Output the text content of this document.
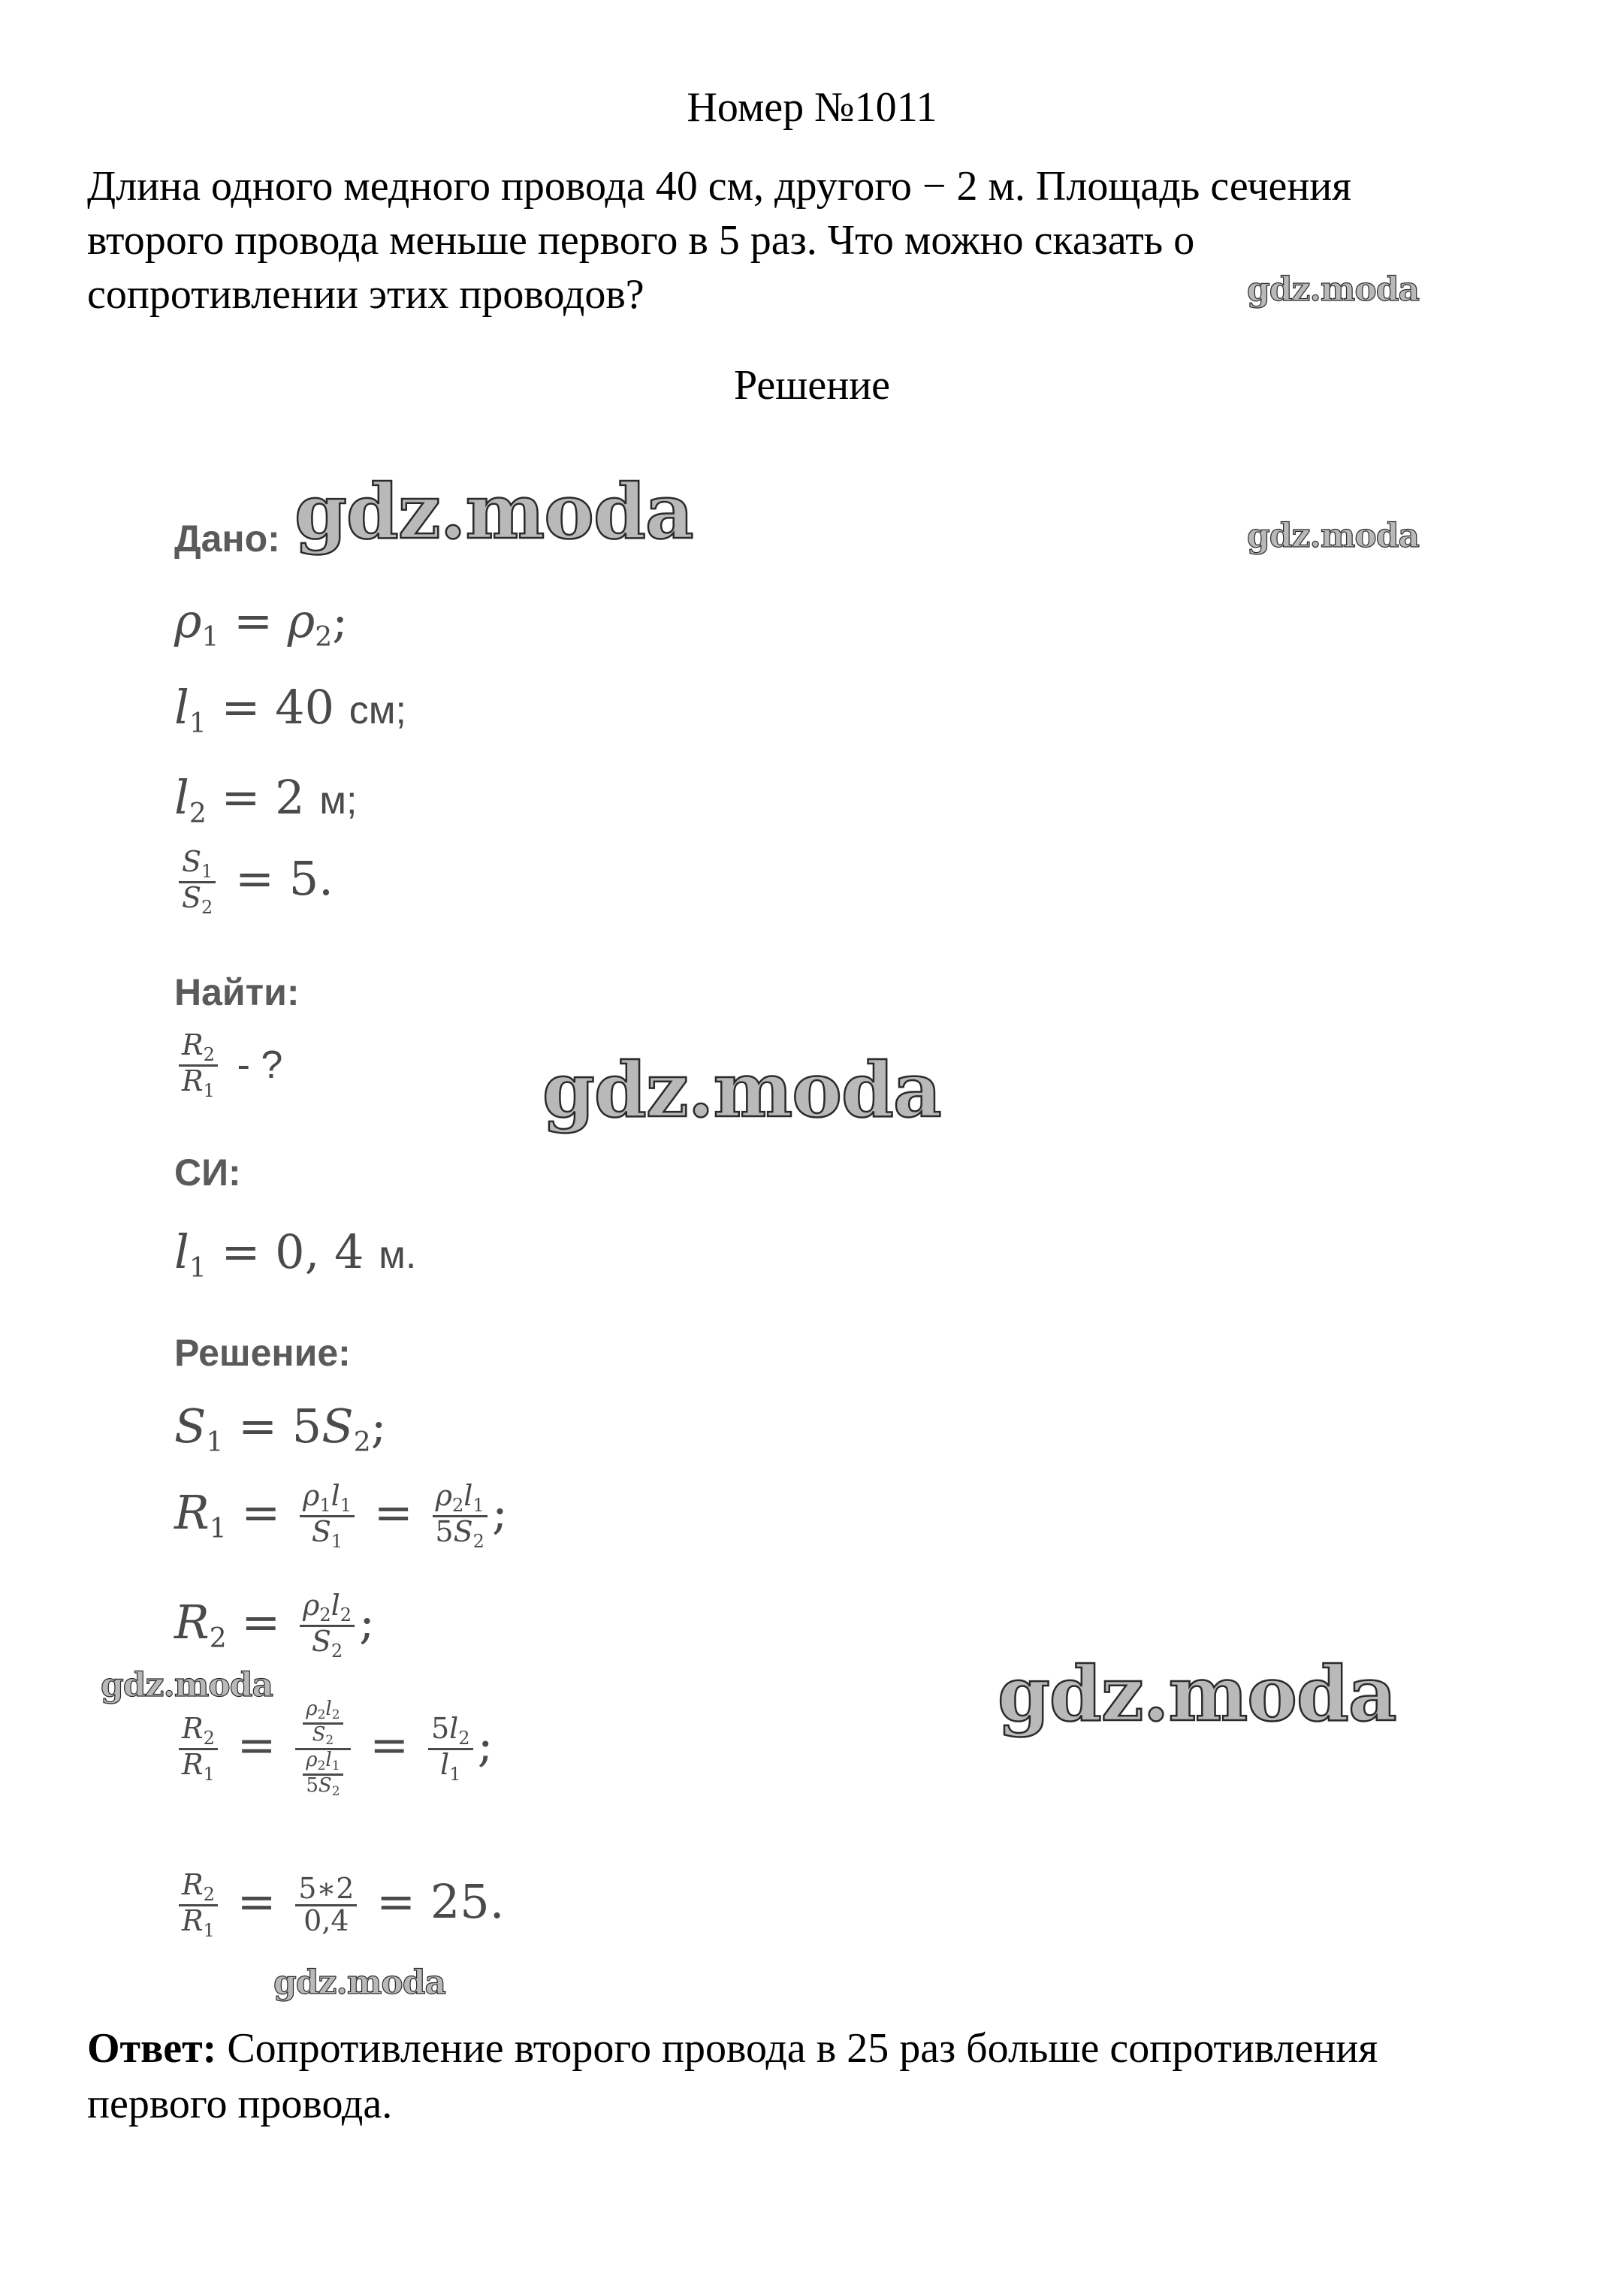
Номер №1011
Длина одного медного провода 40 см, другого − 2 м. Площадь сечения
второго провода меньше первого в 5 раз. Что можно сказать о
сопротивлении этих проводов?
Решение
Дано:
$\rho_1 = \rho_2$;
$l_1 = 40$ см;
$l_2 = 2$ м;
$\frac{S_1}{S_2} = 5$.
Найти:
$\frac{R_2}{R_1}$ - ?
СИ:
$l_1 = 0$, 4 м.
Решение:
$S_1 = 5S_2$;
$R_1 = \frac{\rho_1l_1}{S_1} = \frac{\rho_2l_1}{5S_2}$ ;
$R_2 = \frac{\rho_2l_2}{S_2}$ ;
$\frac{R_2}{R_1} = \frac{\frac{\rho_2l_2}{S_2}}{\frac{\rho_2l_1}{5S_2}} = \frac{5l_2}{l_1}$ ;
$\frac{R_2}{R_1} = \frac{5∗2}{0,4} = 25$.
gdz.moda
gdz.moda	gdz.moda
gdz.moda
gdz.moda	gdz.moda
gdz.moda
Ответ: Сопротивление второго провода в 25 раз больше сопротивления
первого провода.
